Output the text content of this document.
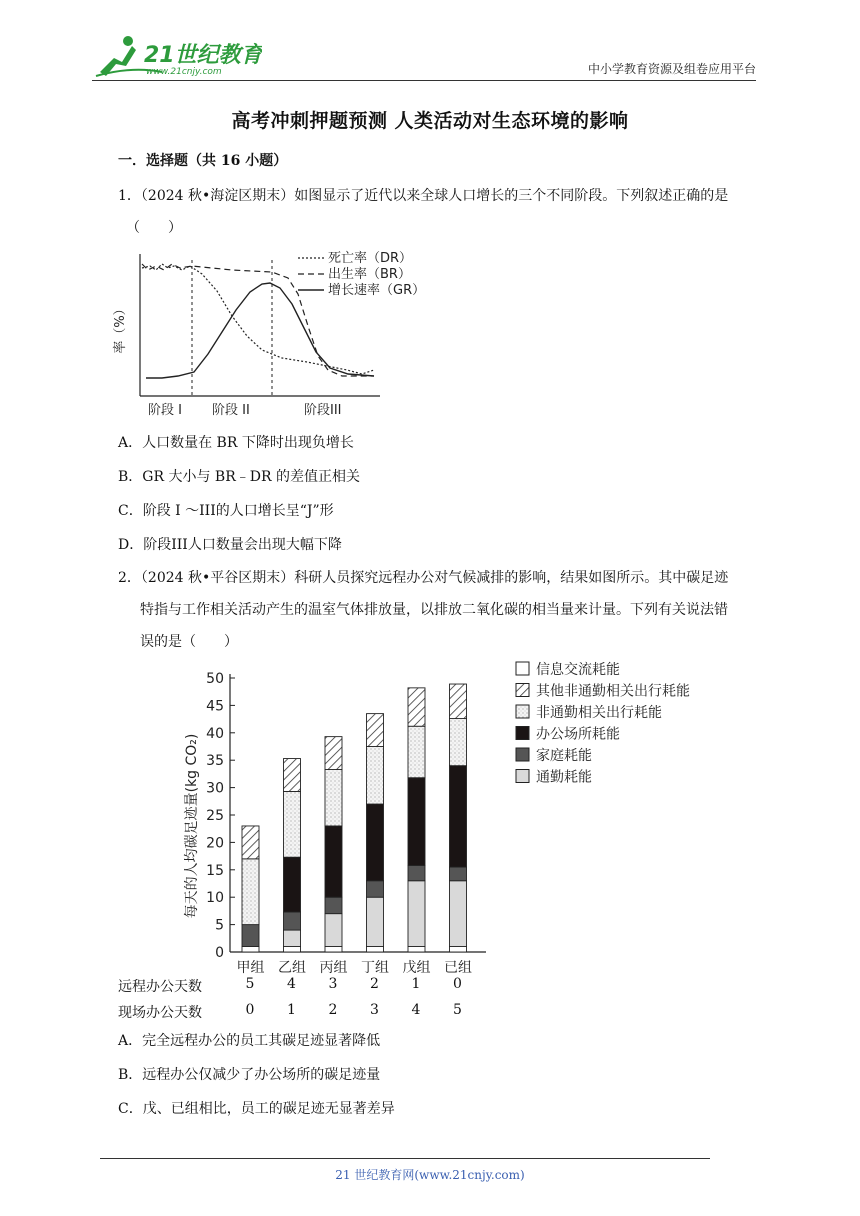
21世纪教育
www.21cnjy.com	中小学教育资源及组卷应用平台
高考冲刺押题预测 人类活动对生态环境的影响
一．选择题（共 16 小题）
1．（2024 秋•海淀区期末）如图显示了近代以来全球人口增长的三个不同阶段。下列叙述正确的是
（　　）
死亡率（DR）
出生率（BR）
增长速率（GR）
率（%）
阶段 I 阶段 II	阶段III
A．人口数量在 BR 下降时出现负增长
B．GR 大小与 BR﹣DR 的差值正相关
C．阶段 I ～III的人口增长呈“J”形
D．阶段III人口数量会出现大幅下降
2．（2024 秋•平谷区期末）科研人员探究远程办公对气候减排的影响，结果如图所示。其中碳足迹
特指与工作相关活动产生的温室气体排放量，以排放二氧化碳的相当量来计量。下列有关说法错
误的是（　　）
0
5
10
15
20
25
30
35
40
45
50
甲组 乙组 丙组 丁组 戊组 已组
信息交流耗能
其他非通勤相关出行耗能
非通勤相关出行耗能
办公场所耗能
家庭耗能
通勤耗能
每天的人均碳足迹量(kg CO₂)
远程办公天数
现场办公天数
5
0
4
1
3
2
2
3
1
4
0
5
A．完全远程办公的员工其碳足迹显著降低
B．远程办公仅减少了办公场所的碳足迹量
C．戊、已组相比，员工的碳足迹无显著差异
21 世纪教育网(www.21cnjy.com)
